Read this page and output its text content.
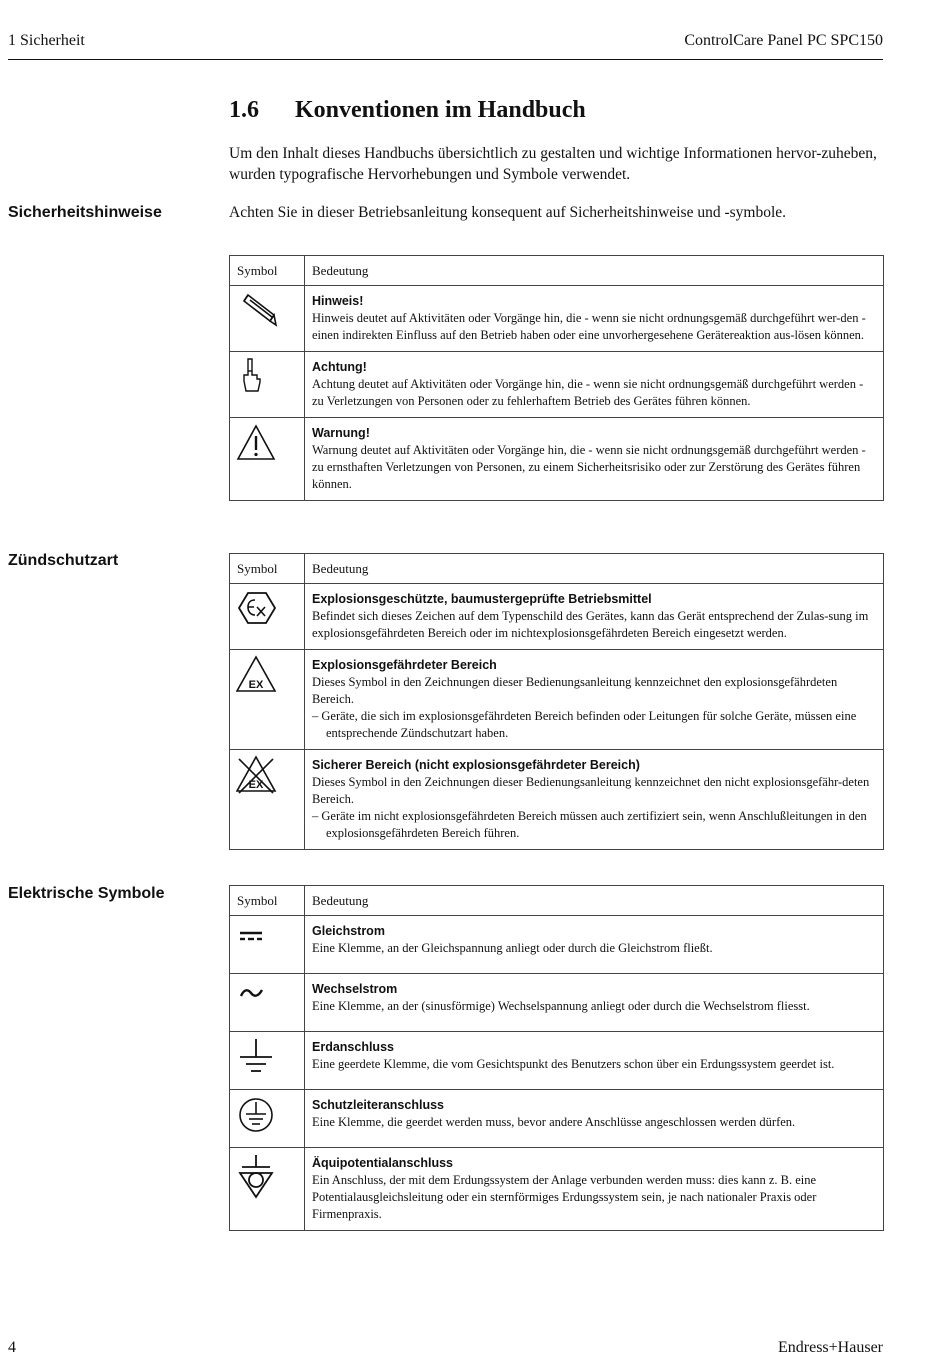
1 Sicherheit	ControlCare Panel PC SPC150
1.6 Konventionen im Handbuch

Um den Inhalt dieses Handbuchs übersichtlich zu gestalten und wichtige Informationen hervor-zuheben, wurden typografische Hervorhebungen und Symbole verwendet.

Sicherheitshinweise	Achten Sie in dieser Betriebsanleitung konsequent auf Sicherheitshinweise und -symbole.

Symbol	Bedeutung

Hinweis!
Hinweis deutet auf Aktivitäten oder Vorgänge hin, die - wenn sie nicht ordnungsgemäß durchgeführt wer-den - einen indirekten Einfluss auf den Betrieb haben oder eine unvorhergesehene Gerätereaktion aus-lösen können.

Achtung!
Achtung deutet auf Aktivitäten oder Vorgänge hin, die - wenn sie nicht ordnungsgemäß durchgeführt werden - zu Verletzungen von Personen oder zu fehlerhaftem Betrieb des Gerätes führen können.

Warnung!
Warnung deutet auf Aktivitäten oder Vorgänge hin, die - wenn sie nicht ordnungsgemäß durchgeführt werden - zu ernsthaften Verletzungen von Personen, zu einem Sicherheitsrisiko oder zur Zerstörung des Gerätes führen können.
Zündschutzart	Symbol	Bedeutung

Explosionsgeschützte, baumustergeprüfte Betriebsmittel
Befindet sich dieses Zeichen auf dem Typenschild des Gerätes, kann das Gerät entsprechend der Zulas-sung im explosionsgefährdeten Bereich oder im nichtexplosionsgefährdeten Bereich eingesetzt werden.

EX	Explosionsgefährdeter Bereich
Dieses Symbol in den Zeichnungen dieser Bedienungsanleitung kennzeichnet den explosionsgefährdeten Bereich.
– Geräte, die sich im explosionsgefährdeten Bereich befinden oder Leitungen für solche Geräte, müssen eine entsprechende Zündschutzart haben.

EX	Sicherer Bereich (nicht explosionsgefährdeter Bereich)
Dieses Symbol in den Zeichnungen dieser Bedienungsanleitung kennzeichnet den nicht explosionsgefähr-deten Bereich.
– Geräte im nicht explosionsgefährdeten Bereich müssen auch zertifiziert sein, wenn Anschlußleitungen in den explosionsgefährdeten Bereich führen.
Elektrische Symbole	Symbol	Bedeutung

Gleichstrom
Eine Klemme, an der Gleichspannung anliegt oder durch die Gleichstrom fließt.

Wechselstrom
Eine Klemme, an der (sinusförmige) Wechselspannung anliegt oder durch die Wechselstrom fliesst.

Erdanschluss
Eine geerdete Klemme, die vom Gesichtspunkt des Benutzers schon über ein Erdungssystem geerdet ist.

Schutzleiteranschluss
Eine Klemme, die geerdet werden muss, bevor andere Anschlüsse angeschlossen werden dürfen.

Äquipotentialanschluss
Ein Anschluss, der mit dem Erdungssystem der Anlage verbunden werden muss: dies kann z. B. eine Potentialausgleichsleitung oder ein sternförmiges Erdungssystem sein, je nach nationaler Praxis oder Firmenpraxis.
4	Endress+Hauser
